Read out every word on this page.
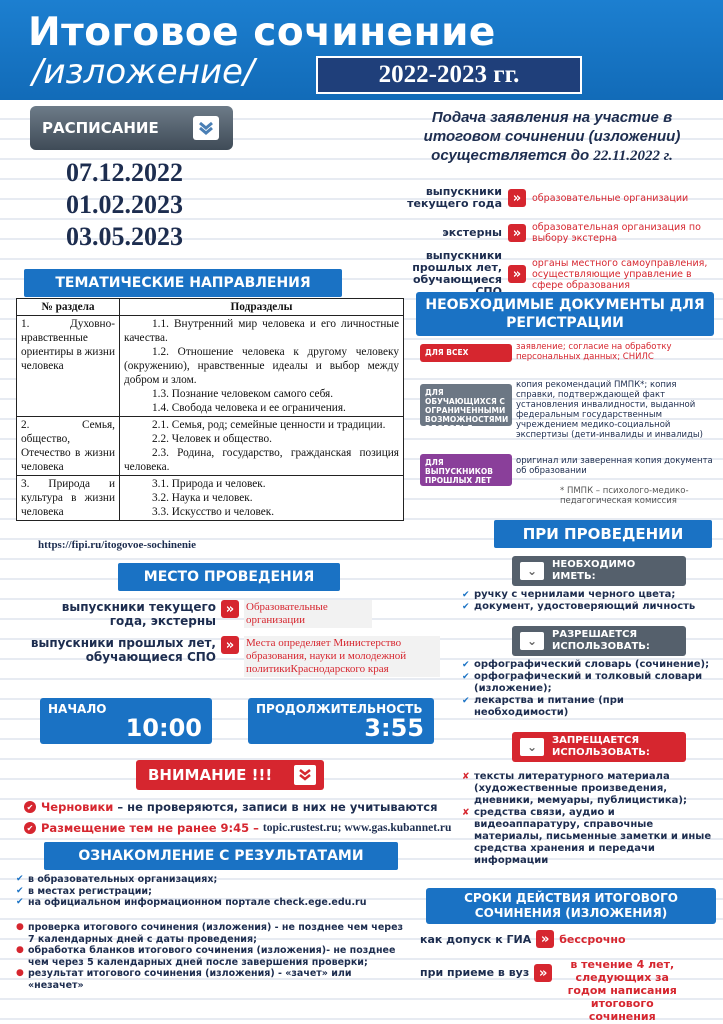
Итоговое сочинение
/изложение/	2022-2023 гг.
РАСПИСАНИЕ
07.12.2022
01.02.2023
03.05.2023
Подача заявления на участие в итоговом сочинении (изложении) осуществляется до 22.11.2022 г.
выпускники текущего года »	образовательные организации
экстерны »	образовательная организация по выбору экстерна
выпускники прошлых лет, обучающиеся »
органы местного самоуправления, осуществляющие управление в сфере образования
ТЕМАТИЧЕСКИЕ НАПРАВЛЕНИЯ
№ раздела	Подразделы
1. Духовно-нравственные ориентиры в жизни человека	1.1. Внутренний мир человека и его личностные качества.
1.2. Отношение человека к другому человеку (окружению), нравственные идеалы и выбор между добром и злом.
1.3. Познание человеком самого себя.
1.4. Свобода человека и ее ограничения.

2. Семья, общество, Отечество в жизни человека	2.1. Семья, род; семейные ценности и традиции.
2.2. Человек и общество.
2.3. Родина, государство, гражданская позиция человека.

3. Природа и культура в жизни человека	3.1. Природа и человек.
3.2. Наука и человек.
3.3. Искусство и человек.
https://fipi.ru/itogovoe-sochinenie
НЕОБХОДИМЫЕ ДОКУМЕНТЫ ДЛЯ РЕГИСТРАЦИИ
ДЛЯ ВСЕХ
заявление; согласие на обработку персональных данных; СНИЛС
ДЛЯ ОБУЧАЮЩИХСЯ С ОГРАНИЧЕННЫМИ ВОЗМОЖНОСТЯМИ ЗДОРОВЬЯ
копия рекомендаций ПМПК*; копия справки, подтверждающей факт установления инвалидности, выданной федеральным государственным учреждением медико-социальной экспертизы (дети-инвалиды и инвалиды)
ДЛЯ ВЫПУСКНИКОВ ПРОШЛЫХ ЛЕТ
оригинал или заверенная копия документа об образовании
* ПМПК – психолого-медико-педагогическая комиссия
ПРИ ПРОВЕДЕНИИ
⌄	НЕОБХОДИМО ИМЕТЬ:
✔ ручку с чернилами черного цвета;
✔ документ, удостоверяющий личность
⌄	РАЗРЕШАЕТСЯ ИСПОЛЬЗОВАТЬ:
✔ орфографический словарь (сочинение);
✔ орфографический и толковый словари (изложение);
✔ лекарства и питание (при необходимости)
⌄	ЗАПРЕЩАЕТСЯ ИСПОЛЬЗОВАТЬ:
✘ тексты литературного материала (художественные произведения, дневники, мемуары, публицистика);
✘ средства связи, аудио и видеоаппаратуру, справочные материалы, письменные заметки и иные средства хранения и передачи информации
МЕСТО ПРОВЕДЕНИЯ
выпускники текущего года, экстерны
»	Образовательные организации
выпускники прошлых лет, обучающиеся СПО
»	Места определяет Министерство образования, науки и молодежной политикиКраснодарского края
НАЧАЛО
10:00
ПРОДОЛЖИТЕЛЬНОСТЬ
3:55
ВНИМАНИЕ !!!
✔ Черновики
– не проверяются, записи в них не учитываются
✔ Размещение тем не ранее 9:45 –
topic.rustest.ru; www.gas.kubannet.ru
ОЗНАКОМЛЕНИЕ С РЕЗУЛЬТАТАМИ
✔ в образовательных организациях;
✔ в местах регистрации;
✔ на официальном информационном портале check.ege.edu.ru
● проверка итогового сочинения (изложения) - не позднее чем через 7 календарных дней с даты проведения;
● обработка бланков итогового сочинения (изложения)- не позднее чем через 5 календарных дней после завершения проверки;
● результат итогового сочинения (изложения) - «зачет» или «незачет»
СРОКИ ДЕЙСТВИЯ ИТОГОВОГО СОЧИНЕНИЯ (ИЗЛОЖЕНИЯ)
как допуск к ГИА » бессрочно
при приеме в вуз »
в течение 4 лет, следующих за годом написания итогового сочинения
